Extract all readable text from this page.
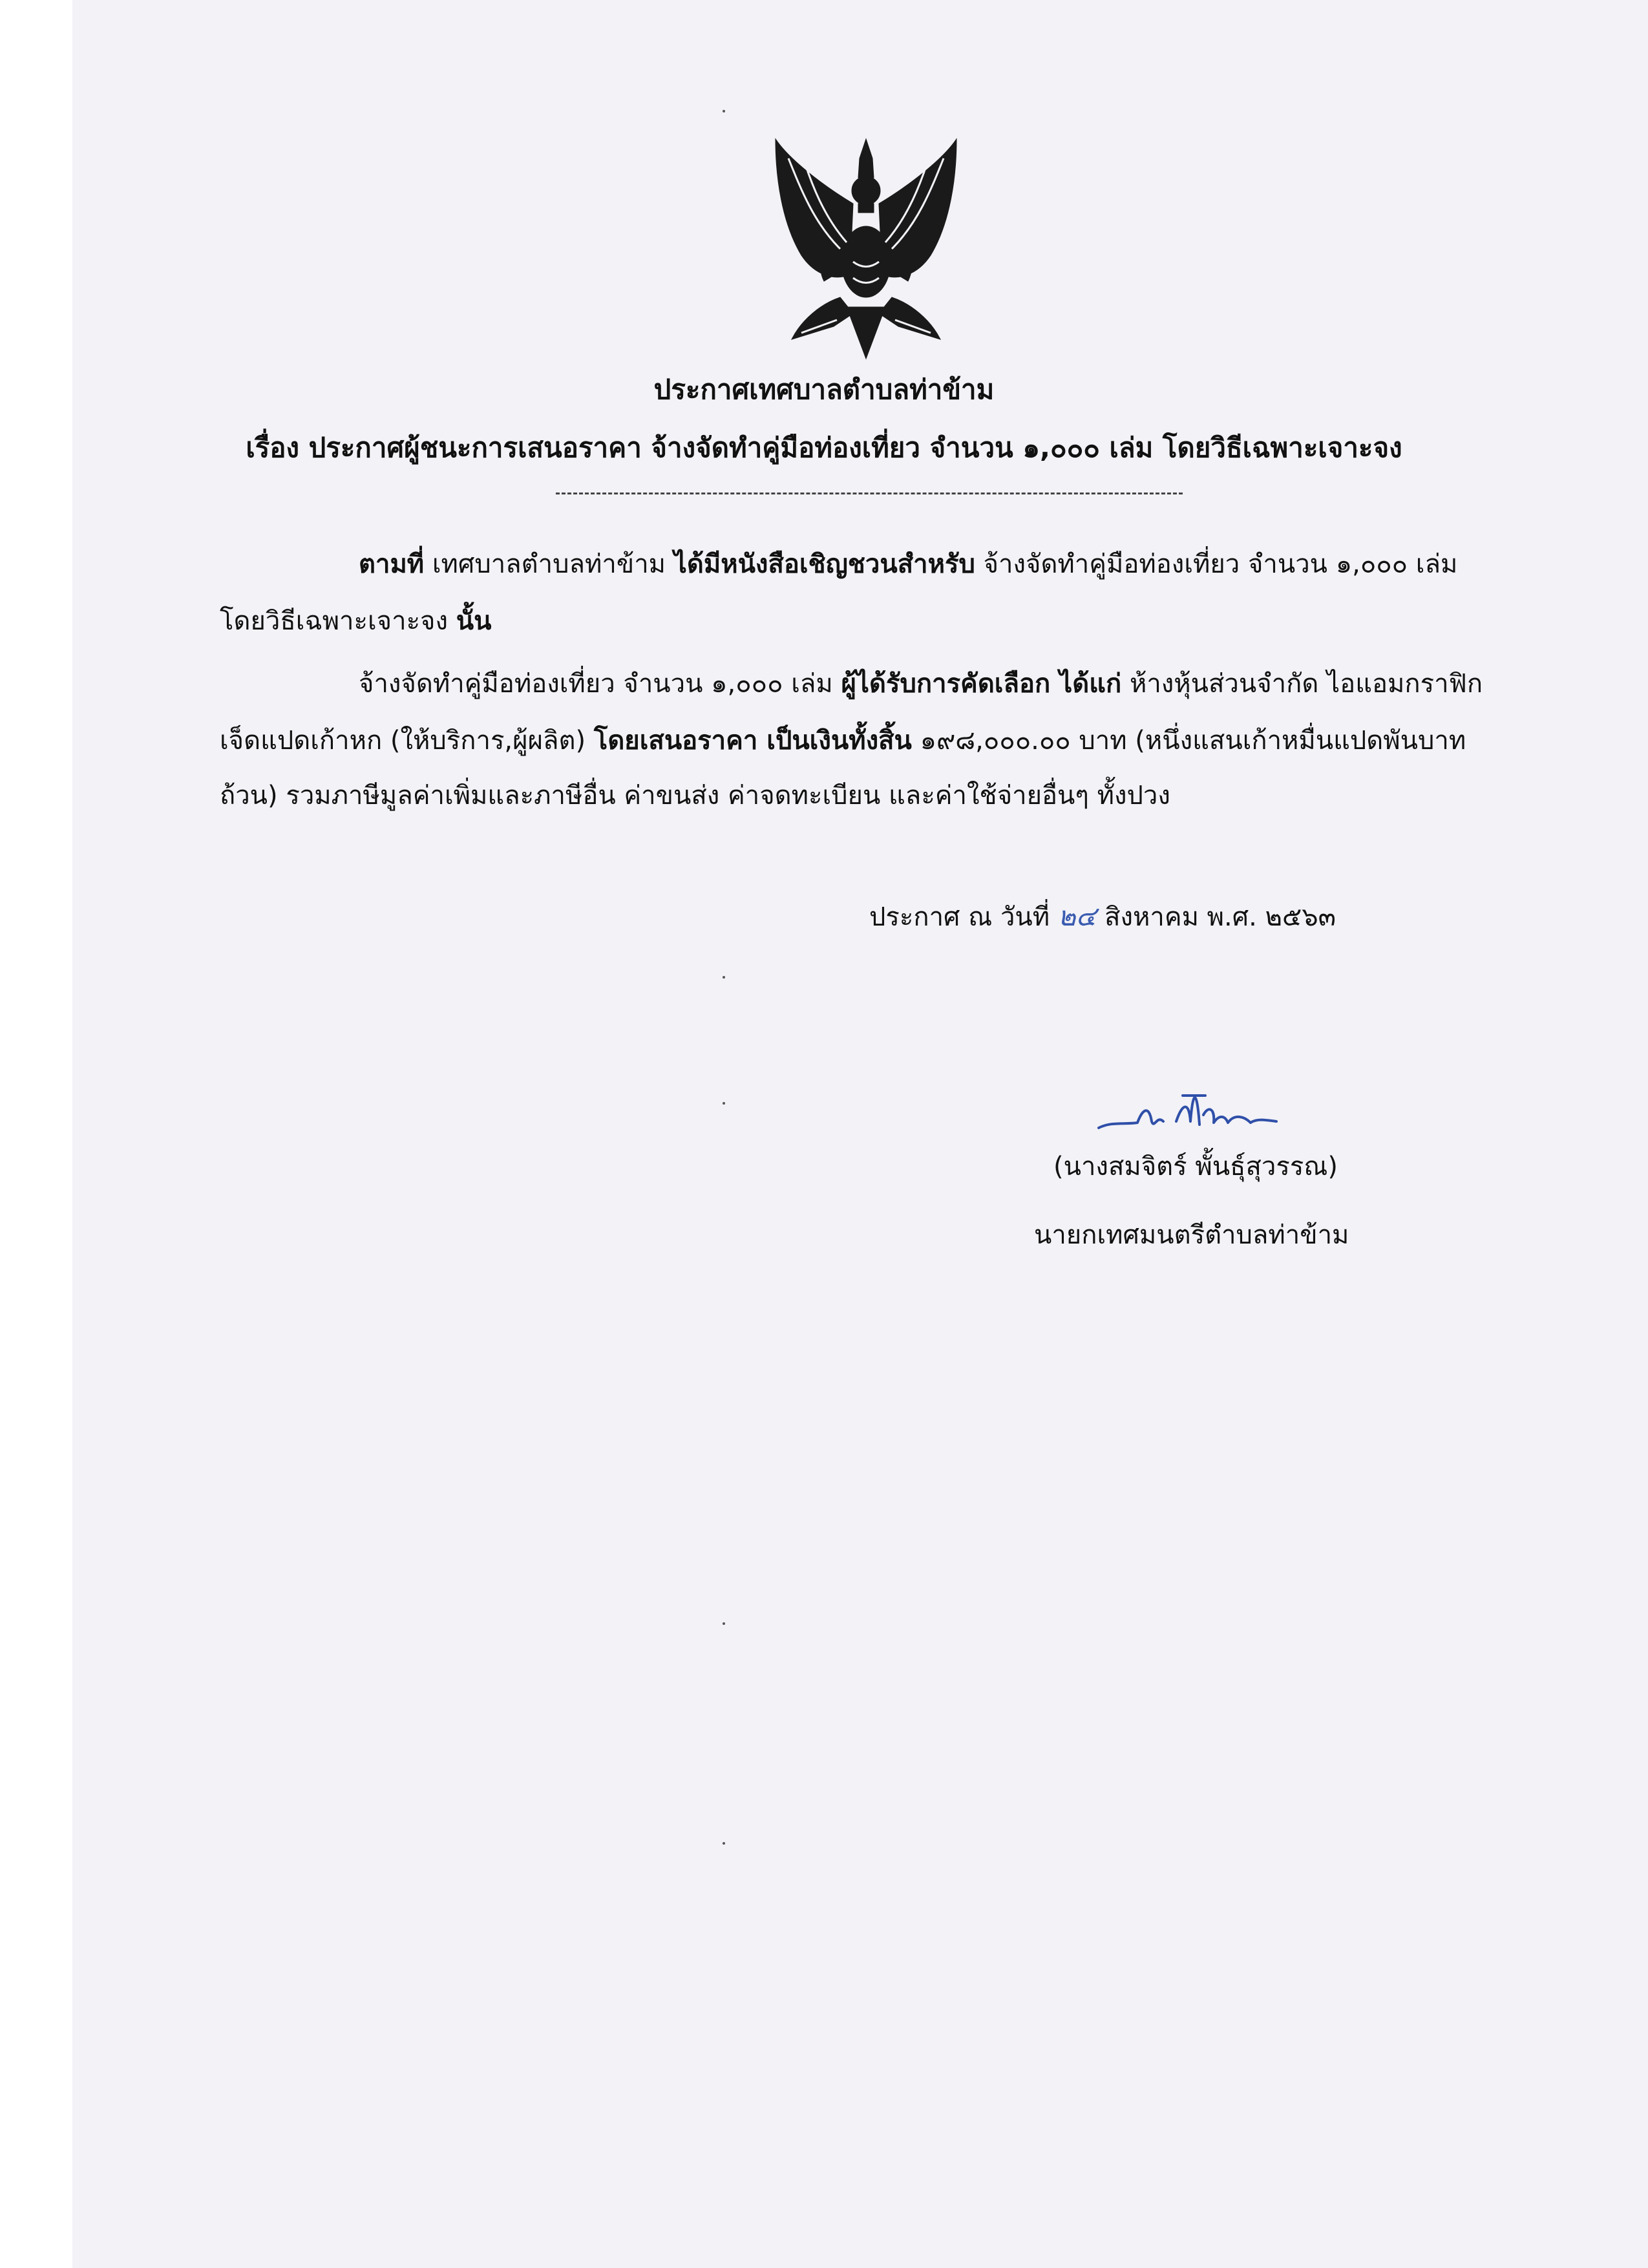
ประกาศเทศบาลตำบลท่าข้าม
เรื่อง ประกาศผู้ชนะการเสนอราคา จ้างจัดทำคู่มือท่องเที่ยว จำนวน ๑,๐๐๐ เล่ม โดยวิธีเฉพาะเจาะจง
ตามที่ เทศบาลตำบลท่าข้าม ได้มีหนังสือเชิญชวนสำหรับ จ้างจัดทำคู่มือท่องเที่ยว จำนวน ๑,๐๐๐ เล่ม
โดยวิธีเฉพาะเจาะจง นั้น
จ้างจัดทำคู่มือท่องเที่ยว จำนวน ๑,๐๐๐ เล่ม ผู้ได้รับการคัดเลือก ได้แก่ ห้างหุ้นส่วนจำกัด ไอแอมกราฟิก
เจ็ดแปดเก้าหก (ให้บริการ,ผู้ผลิต) โดยเสนอราคา เป็นเงินทั้งสิ้น ๑๙๘,๐๐๐.๐๐ บาท (หนึ่งแสนเก้าหมื่นแปดพันบาท
ถ้วน) รวมภาษีมูลค่าเพิ่มและภาษีอื่น ค่าขนส่ง ค่าจดทะเบียน และค่าใช้จ่ายอื่นๆ ทั้งปวง
ประกาศ ณ วันที่ ๒๔ สิงหาคม พ.ศ. ๒๕๖๓
(นางสมจิตร์ พั้นธุ์สุวรรณ)
นายกเทศมนตรีตำบลท่าข้าม
